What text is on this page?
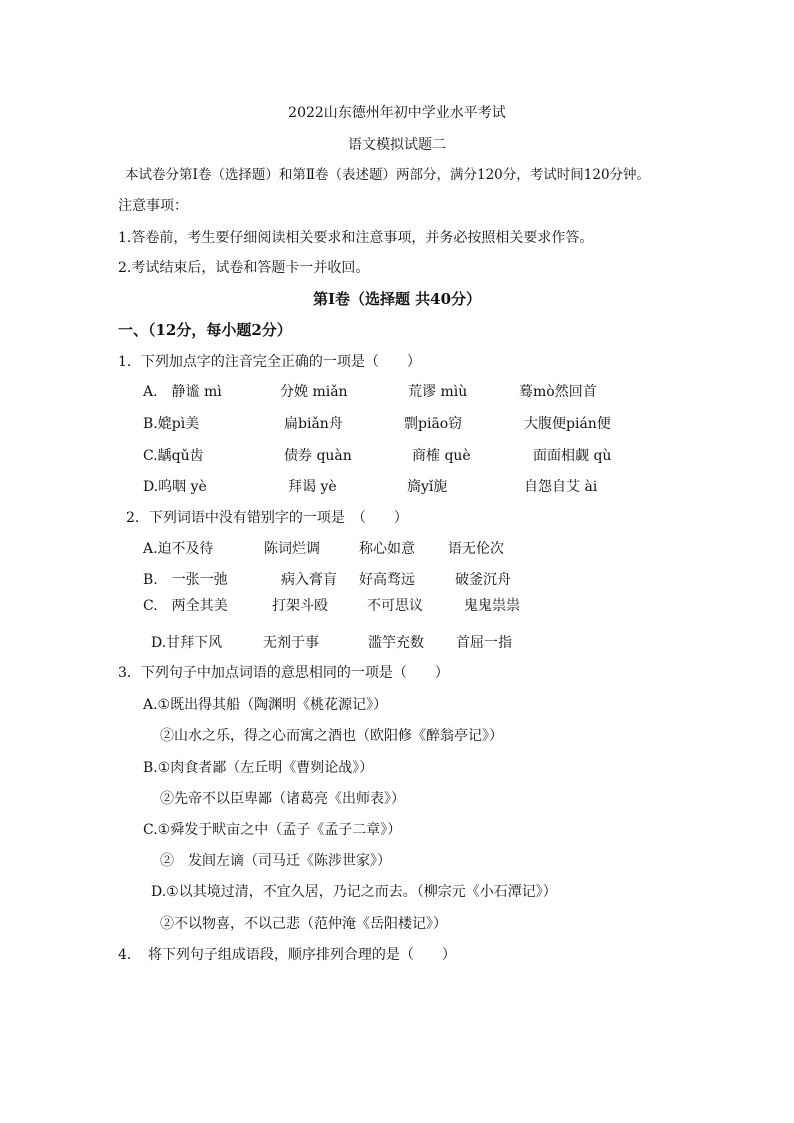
2022山东德州年初中学业水平考试
语文模拟试题二
本试卷分第Ⅰ卷（选择题）和第Ⅱ卷（表述题）两部分，满分120分，考试时间120分钟。
注意事项：
1.答卷前，考生要仔细阅读相关要求和注意事项，并务必按照相关要求作答。
2.考试结束后，试卷和答题卡一并收回。
第Ⅰ卷（选择题 共40分）
一、（12分，每小题2分）
1．下列加点字的注音完全正确的一项是（　　）
A.　静谧 mì	分娩 miǎn	荒谬 mìù	蓦mò然回首
B.媲pì美	扁biǎn舟	剽piāo窃	大腹便pián便
C.龋qǔ齿	债券 quàn	商榷 què	面面相觑 qù
D.呜咽 yè	拜谒 yè	旖yǐ旎	自怨自艾 ài
2．下列词语中没有错别字的一项是　（　　）
A.迫不及待	陈词烂调	称心如意 语无伦次
B.　一张一弛	病入膏肓 好高骛远	破釜沉舟
C.　两全其美	打架斗殴	不可思议	鬼鬼祟祟
D.甘拜下风	无剂于事	滥竽充数 首屈一指
3．下列句子中加点词语的意思相同的一项是（　　）
A.①既出得其船（陶渊明《桃花源记》）
②山水之乐，得之心而寓之酒也（欧阳修《醉翁亭记》）
B.①肉食者鄙（左丘明《曹刿论战》）
②先帝不以臣卑鄙（诸葛亮《出师表》）
C.①舜发于畎亩之中（孟子《孟子二章》）
②　发闾左谪（司马迁《陈涉世家》）
D.①以其境过清，不宜久居，乃记之而去。（柳宗元《小石潭记》）
②不以物喜，不以己悲（范仲淹《岳阳楼记》）
4．　将下列句子组成语段，顺序排列合理的是（　　）
